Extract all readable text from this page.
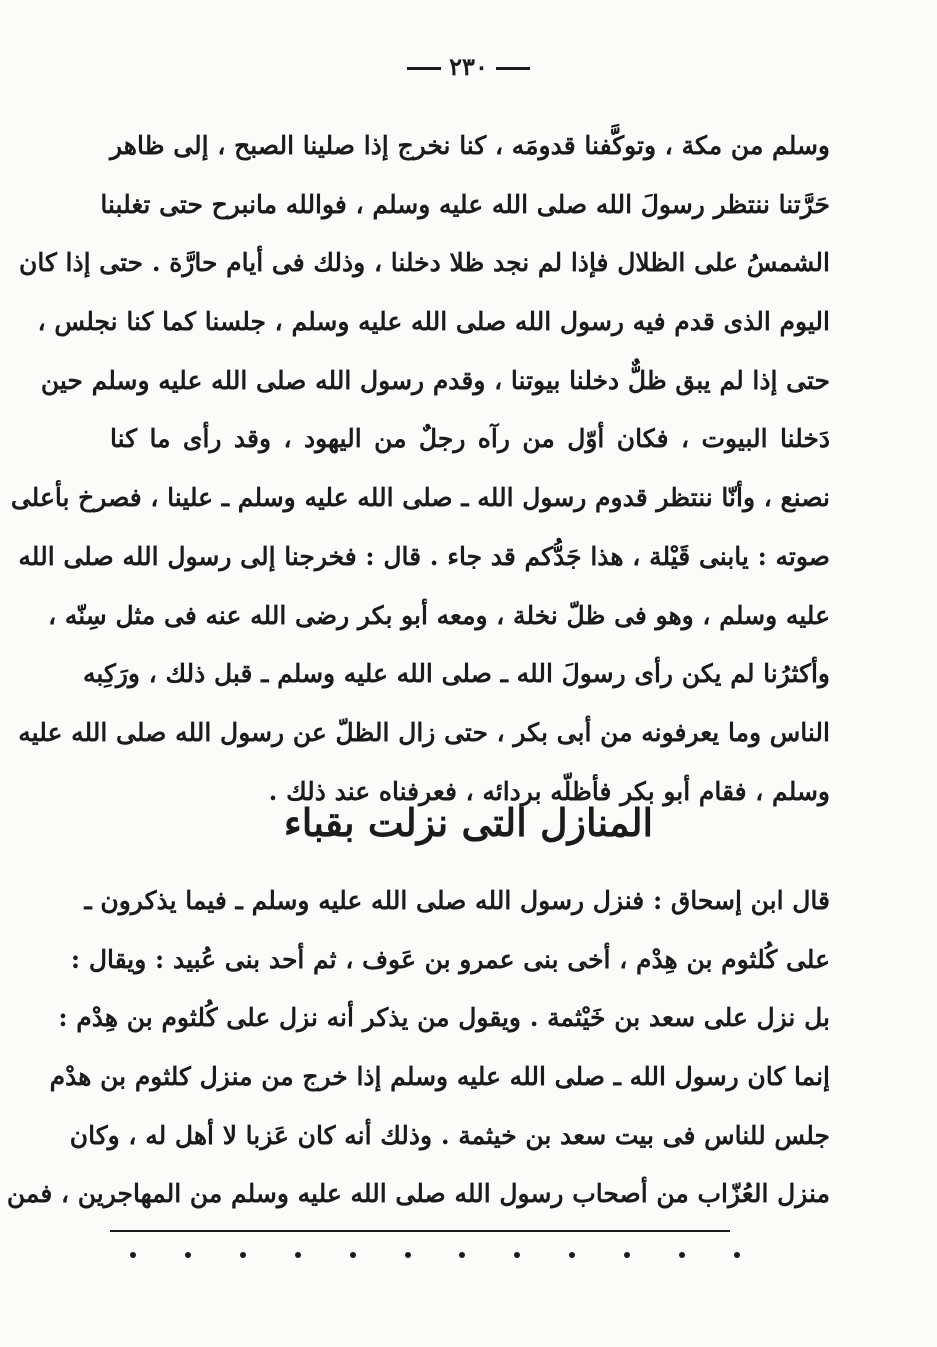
٢٣٠
وسلم من مكة ، وتوكَّفنا قدومَه ، كنا نخرج إذا صلينا الصبح ، إلى ظاهر
حَرَّتنا ننتظر رسولَ الله صلى الله عليه وسلم ، فوالله مانبرح حتى تغلبنا
الشمسُ على الظلال فإذا لم نجد ظلا دخلنا ، وذلك فى أيام حارَّة . حتى إذا كان
اليوم الذى قدم فيه رسول الله صلى الله عليه وسلم ، جلسنا كما كنا نجلس ،
حتى إذا لم يبق ظلٌّ دخلنا بيوتنا ، وقدم رسول الله صلى الله عليه وسلم حين
دَخلنا البيوت ، فكان أوّل من رآه رجلٌ من اليهود ، وقد رأى ما كنا
نصنع ، وأنّا ننتظر قدوم رسول الله ـ صلى الله عليه وسلم ـ علينا ، فصرخ بأعلى
صوته : يابنى قَيْلة ، هذا جَدُّكم قد جاء . قال : فخرجنا إلى رسول الله صلى الله
عليه وسلم ، وهو فى ظلّ نخلة ، ومعه أبو بكر رضى الله عنه فى مثل سِنّه ،
وأكثرُنا لم يكن رأى رسولَ الله ـ صلى الله عليه وسلم ـ قبل ذلك ، ورَكِبه
الناس وما يعرفونه من أبى بكر ، حتى زال الظلّ عن رسول الله صلى الله عليه
وسلم ، فقام أبو بكر فأظلّه بردائه ، فعرفناه عند ذلك .
المنازل التى نزلت بقباء
قال ابن إسحاق : فنزل رسول الله صلى الله عليه وسلم ـ فيما يذكرون ـ
على كُلثوم بن هِدْم ، أخى بنى عمرو بن عَوف ، ثم أحد بنى عُبيد : ويقال :
بل نزل على سعد بن خَيْثمة . ويقول من يذكر أنه نزل على كُلثوم بن هِدْم :
إنما كان رسول الله ـ صلى الله عليه وسلم إذا خرج من منزل كلثوم بن هدْم
جلس للناس فى بيت سعد بن خيثمة . وذلك أنه كان عَزبا لا أهل له ، وكان
منزل العُزّاب من أصحاب رسول الله صلى الله عليه وسلم من المهاجرين ، فمن
